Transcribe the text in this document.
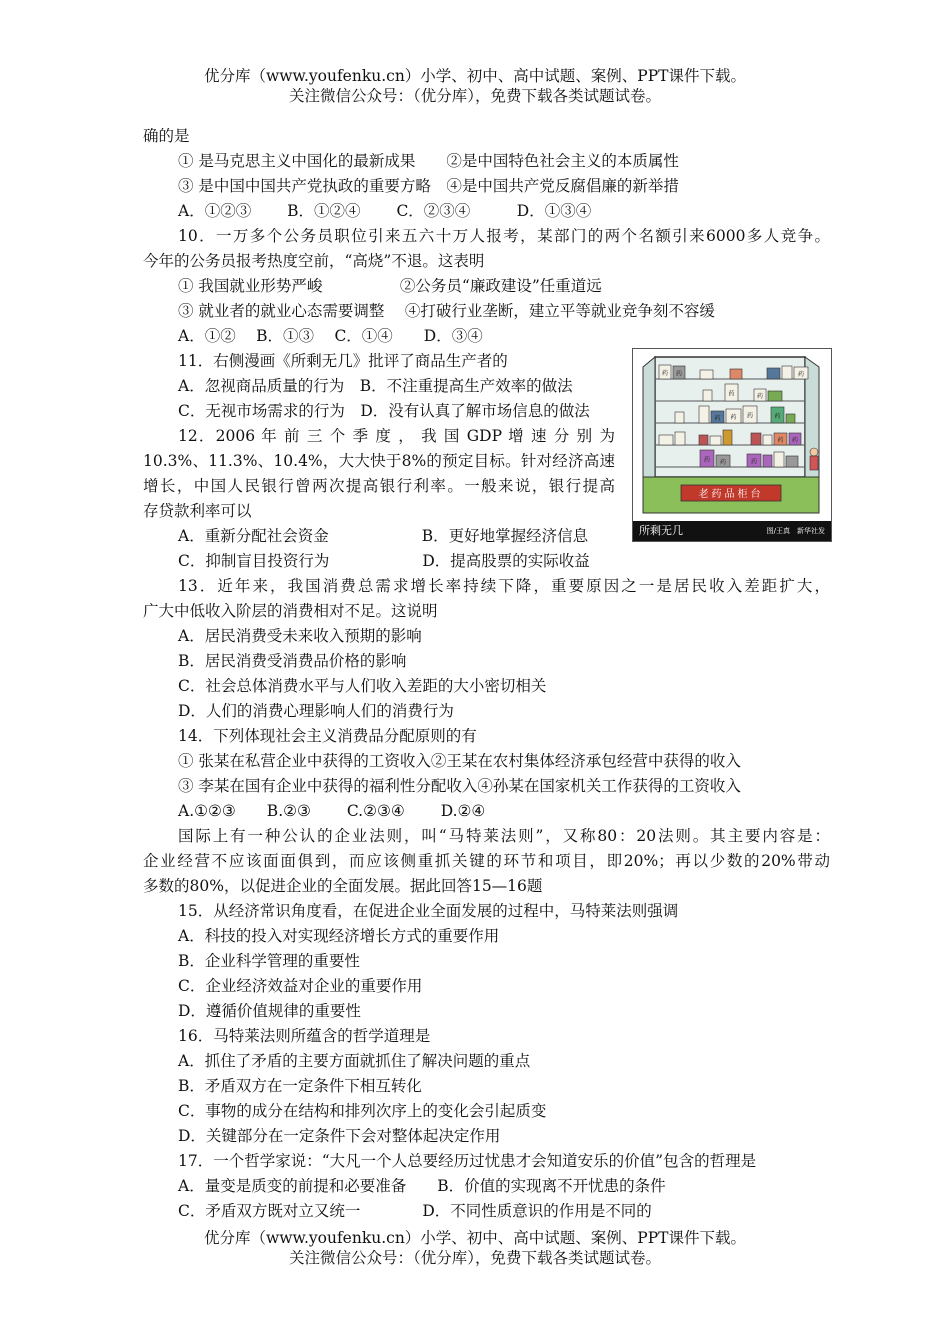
优分库（www.youfenku.cn）小学、初中、高中试题、案例、PPT课件下载。
关注微信公众号：（优分库），免费下载各类试题试卷。
确的是
① 是马克思主义中国化的最新成果　　②是中国特色社会主义的本质属性
③ 是中国中国共产党执政的重要方略　④是中国共产党反腐倡廉的新举措
A．①②③　　 B．①②④　　 C．②③④　　　D．①③④
10．一万多个公务员职位引来五六十万人报考，某部门的两个名额引来6000多人竞争。
今年的公务员报考热度空前，“高烧”不退。这表明
① 我国就业形势严峻　　　　　②公务员“廉政建设”任重道远
③ 就业者的就业心态需要调整　 ④打破行业垄断，建立平等就业竞争刻不容缓
A．①②　 B．①③　 C．①④　　D．③④
11．右侧漫画《所剩无几》批评了商品生产者的
A．忽视商品质量的行为　B．不注重提高生产效率的做法
C．无视市场需求的行为　D．没有认真了解市场信息的做法
12．2006 年 前 三 个 季 度 ， 我 国 GDP 增 速 分 别 为
10.3%、11.3%、10.4%，大大快于8%的预定目标。针对经济高速
增长，中国人民银行曾两次提高银行利率。一般来说，银行提高
存贷款利率可以
A．重新分配社会资金　　　　　　B．更好地掌握经济信息
C．抑制盲目投资行为　　　　　　D．提高股票的实际收益
13．近年来，我国消费总需求增长率持续下降，重要原因之一是居民收入差距扩大，
广大中低收入阶层的消费相对不足。这说明
A．居民消费受未来收入预期的影响
B．居民消费受消费品价格的影响
C．社会总体消费水平与人们收入差距的大小密切相关
D．人们的消费心理影响人们的消费行为
14．下列体现社会主义消费品分配原则的有
① 张某在私营企业中获得的工资收入②王某在农村集体经济承包经营中获得的收入
③ 李某在国有企业中获得的福利性分配收入④孙某在国家机关工作获得的工资收入
A.①②③　　B.②③　　 C.②③④　　 D.②④
国际上有一种公认的企业法则，叫“马特莱法则”，又称80：20法则。其主要内容是：
企业经营不应该面面俱到，而应该侧重抓关键的环节和项目，即20%；再以少数的20%带动
多数的80%，以促进企业的全面发展。据此回答15—16题
15．从经济常识角度看，在促进企业全面发展的过程中，马特莱法则强调
A．科技的投入对实现经济增长方式的重要作用
B．企业科学管理的重要性
C．企业经济效益对企业的重要作用
D．遵循价值规律的重要性
16．马特莱法则所蕴含的哲学道理是
A．抓住了矛盾的主要方面就抓住了解决问题的重点
B．矛盾双方在一定条件下相互转化
C．事物的成分在结构和排列次序上的变化会引起质变
D．关键部分在一定条件下会对整体起决定作用
17．一个哲学家说：“大凡一个人总要经历过忧患才会知道安乐的价值”包含的哲理是
A．量变是质变的前提和必要准备　　B．价值的实现离不开忧患的条件
C．矛盾双方既对立又统一　　　　D．不同性质意识的作用是不同的
药 药	药
药	药
药 药 药	药
药 药
药 药	药
老药品柜台
所剩无几	图/王真　新华社发
优分库（www.youfenku.cn）小学、初中、高中试题、案例、PPT课件下载。
关注微信公众号：（优分库），免费下载各类试题试卷。
